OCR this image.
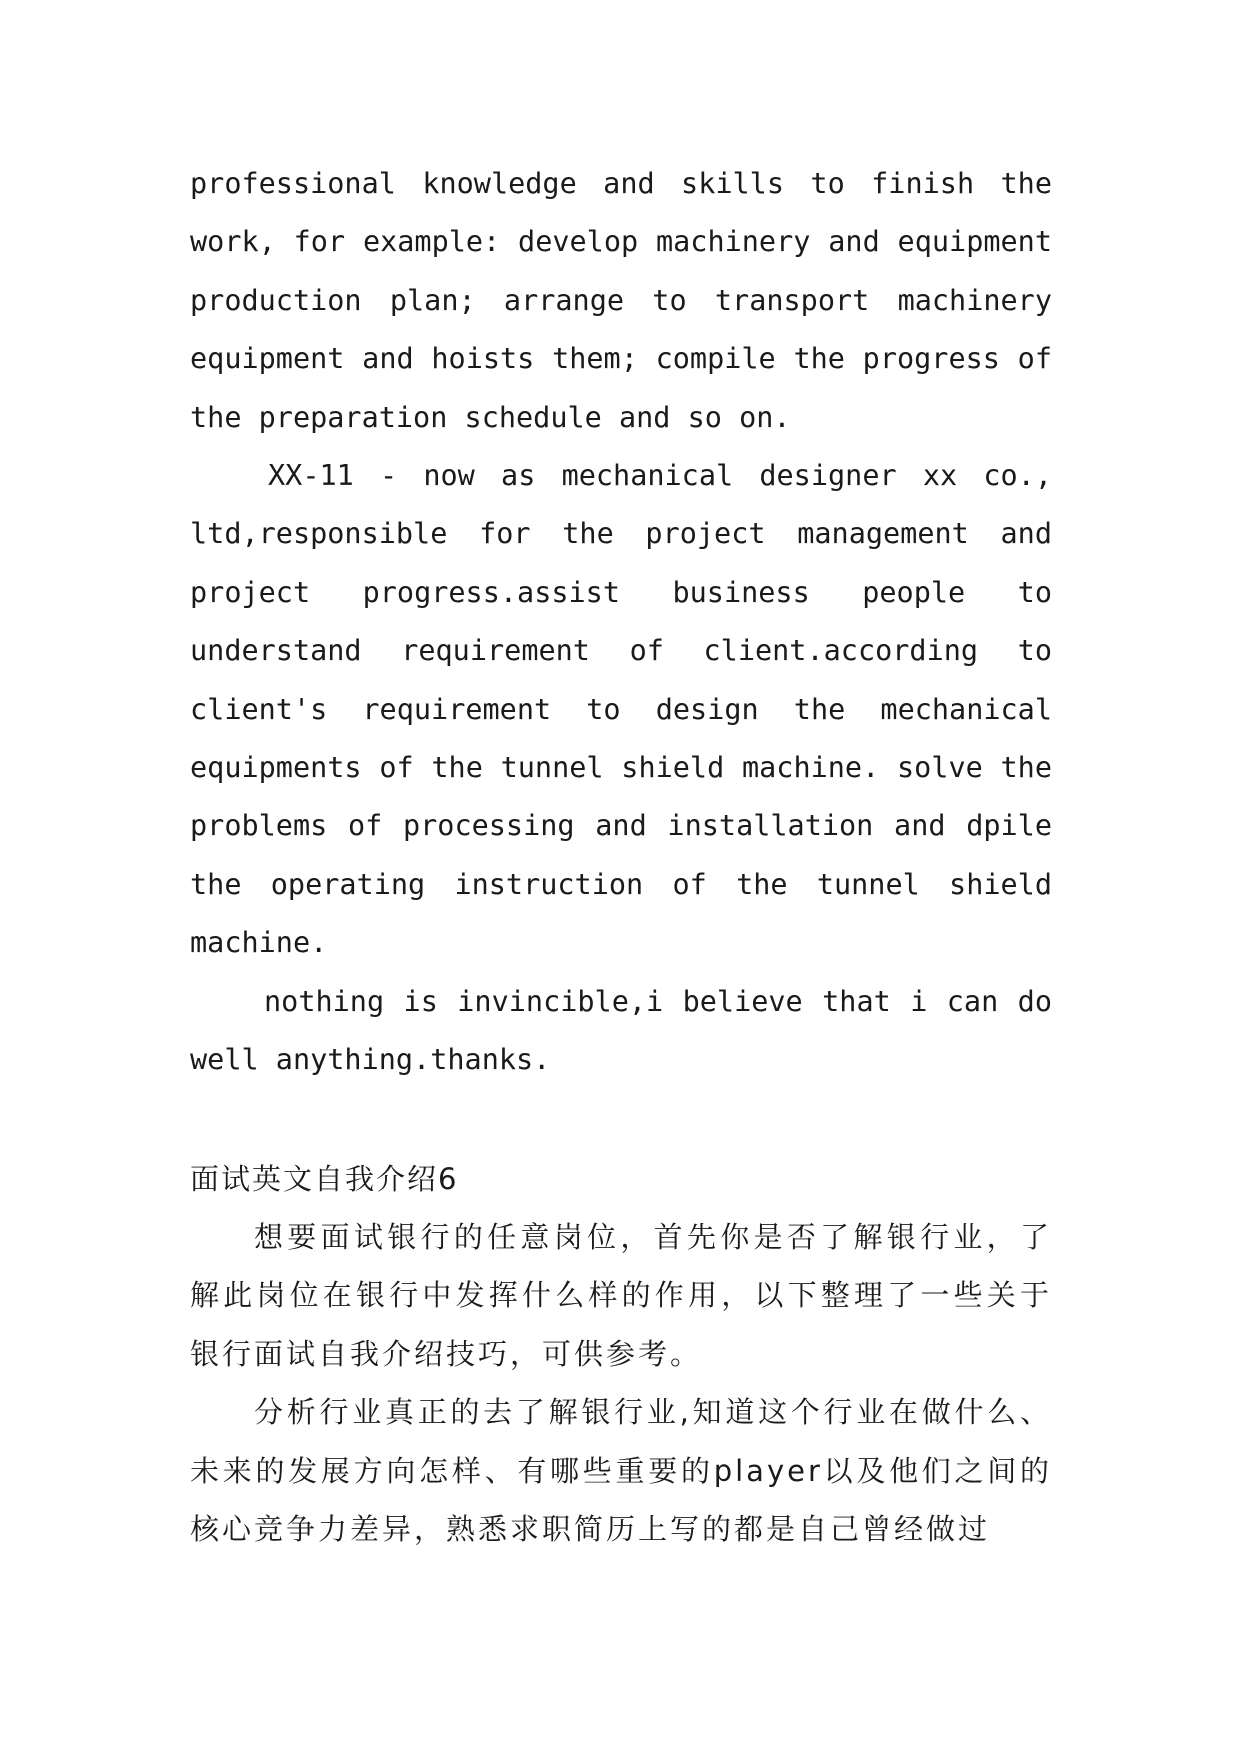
professional knowledge and skills to finish the work, for example: develop machinery and equipment production plan; arrange to transport machinery equipment and hoists them; compile the progress of the preparation schedule and so on.

XX-11 - now as mechanical designer xx co., ltd,responsible for the project management and project progress.assist business people to understand requirement of client.according to client's requirement to design the mechanical equipments of the tunnel shield machine. solve the problems of processing and installation and dpile the operating instruction of the tunnel shield machine.

nothing is invincible,i believe that i can do well anything.thanks.

面试英文自我介绍6

想要面试银行的任意岗位，首先你是否了解银行业，了解此岗位在银行中发挥什么样的作用，以下整理了一些关于银行面试自我介绍技巧，可供参考。

分析行业真正的去了解银行业,知道这个行业在做什么、未来的发展方向怎样、有哪些重要的player以及他们之间的核心竞争力差异，熟悉求职简历上写的都是自己曾经做过
